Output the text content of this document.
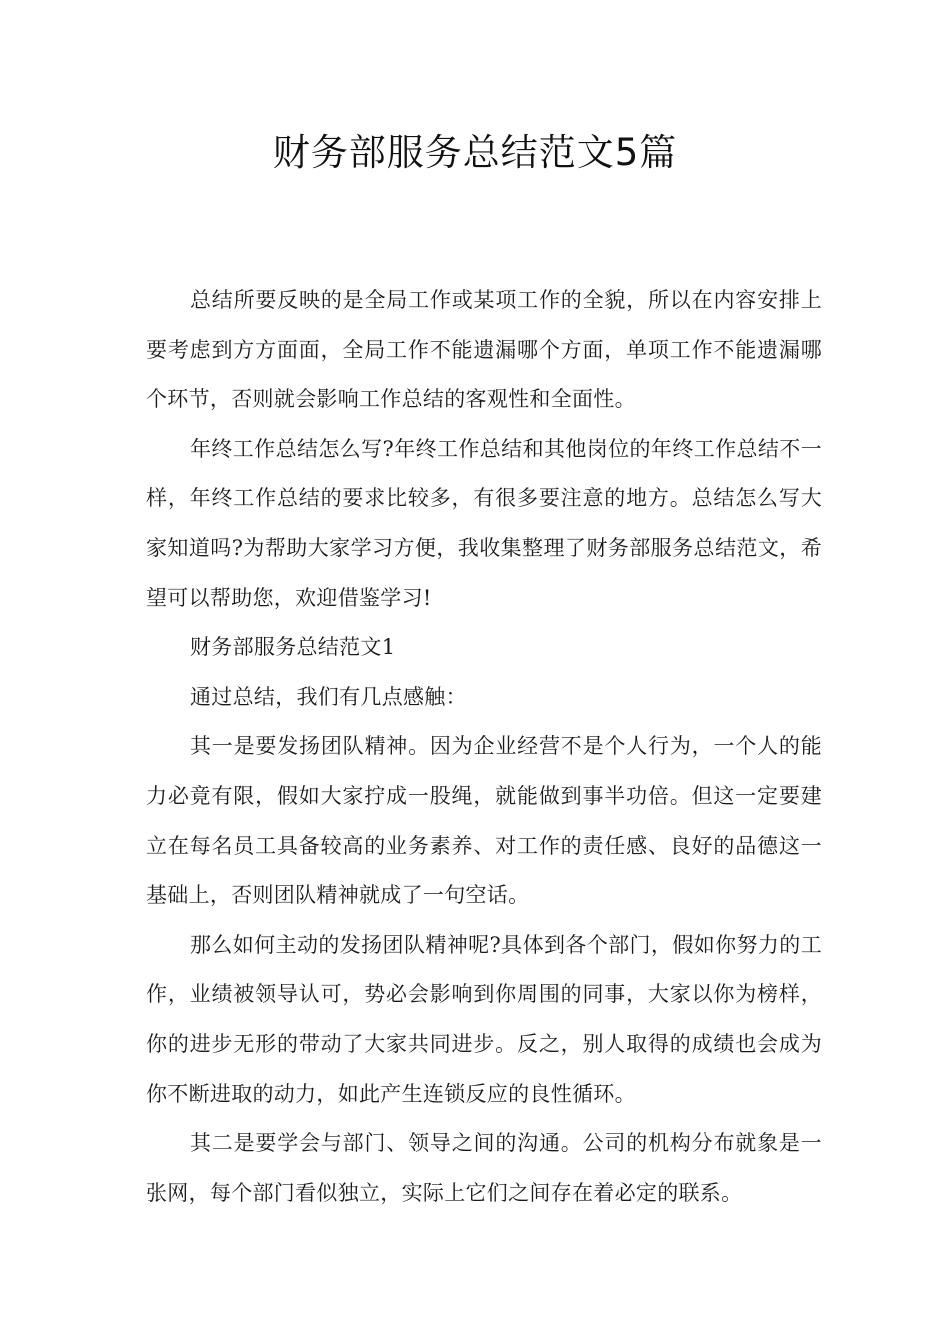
财务部服务总结范文5篇

总结所要反映的是全局工作或某项工作的全貌，所以在内容安排上要考虑到方方面面，全局工作不能遗漏哪个方面，单项工作不能遗漏哪个环节，否则就会影响工作总结的客观性和全面性。

年终工作总结怎么写?年终工作总结和其他岗位的年终工作总结不一样，年终工作总结的要求比较多，有很多要注意的地方。总结怎么写大家知道吗?为帮助大家学习方便，我收集整理了财务部服务总结范文，希望可以帮助您，欢迎借鉴学习!

财务部服务总结范文1

通过总结，我们有几点感触：

其一是要发扬团队精神。因为企业经营不是个人行为，一个人的能力必竟有限，假如大家拧成一股绳，就能做到事半功倍。但这一定要建立在每名员工具备较高的业务素养、对工作的责任感、良好的品德这一基础上，否则团队精神就成了一句空话。

那么如何主动的发扬团队精神呢?具体到各个部门，假如你努力的工作，业绩被领导认可，势必会影响到你周围的同事，大家以你为榜样，你的进步无形的带动了大家共同进步。反之，别人取得的成绩也会成为你不断进取的动力，如此产生连锁反应的良性循环。

其二是要学会与部门、领导之间的沟通。公司的机构分布就象是一张网，每个部门看似独立，实际上它们之间存在着必定的联系。
